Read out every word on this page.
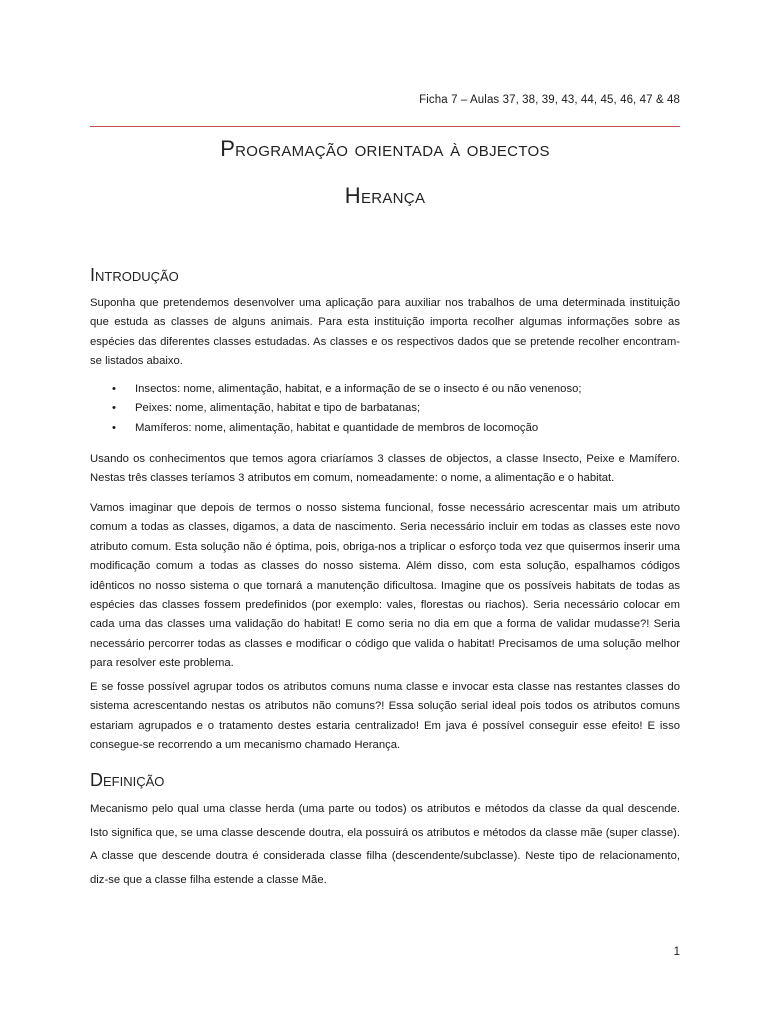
Ficha 7 – Aulas 37, 38, 39, 43, 44, 45, 46, 47 & 48
Programação orientada à objectos
Herança
Introdução

Suponha que pretendemos desenvolver uma aplicação para auxiliar nos trabalhos de uma determinada instituição que estuda as classes de alguns animais. Para esta instituição importa recolher algumas informações sobre as espécies das diferentes classes estudadas. As classes e os respectivos dados que se pretende recolher encontram-se listados abaixo.

• Insectos: nome, alimentação, habitat, e a informação de se o insecto é ou não venenoso;
• Peixes: nome, alimentação, habitat e tipo de barbatanas;
• Mamíferos: nome, alimentação, habitat e quantidade de membros de locomoção

Usando os conhecimentos que temos agora criaríamos 3 classes de objectos, a classe Insecto, Peixe e Mamífero. Nestas três classes teríamos 3 atributos em comum, nomeadamente: o nome, a alimentação e o habitat.

Vamos imaginar que depois de termos o nosso sistema funcional, fosse necessário acrescentar mais um atributo comum a todas as classes, digamos, a data de nascimento. Seria necessário incluir em todas as classes este novo atributo comum. Esta solução não é óptima, pois, obriga-nos a triplicar o esforço toda vez que quisermos inserir uma modificação comum a todas as classes do nosso sistema. Além disso, com esta solução, espalhamos códigos idênticos no nosso sistema o que tornará a manutenção dificultosa. Imagine que os possíveis habitats de todas as espécies das classes fossem predefinidos (por exemplo: vales, florestas ou riachos). Seria necessário colocar em cada uma das classes uma validação do habitat! E como seria no dia em que a forma de validar mudasse?! Seria necessário percorrer todas as classes e modificar o código que valida o habitat! Precisamos de uma solução melhor para resolver este problema.

E se fosse possível agrupar todos os atributos comuns numa classe e invocar esta classe nas restantes classes do sistema acrescentando nestas os atributos não comuns?! Essa solução serial ideal pois todos os atributos comuns estariam agrupados e o tratamento destes estaria centralizado! Em java é possível conseguir esse efeito! E isso consegue-se recorrendo a um mecanismo chamado Herança.

Definição

Mecanismo pelo qual uma classe herda (uma parte ou todos) os atributos e métodos da classe da qual descende. Isto significa que, se uma classe descende doutra, ela possuirá os atributos e métodos da classe mãe (super classe). A classe que descende doutra é considerada classe filha (descendente/subclasse). Neste tipo de relacionamento, diz-se que a classe filha estende a classe Mãe.

1
